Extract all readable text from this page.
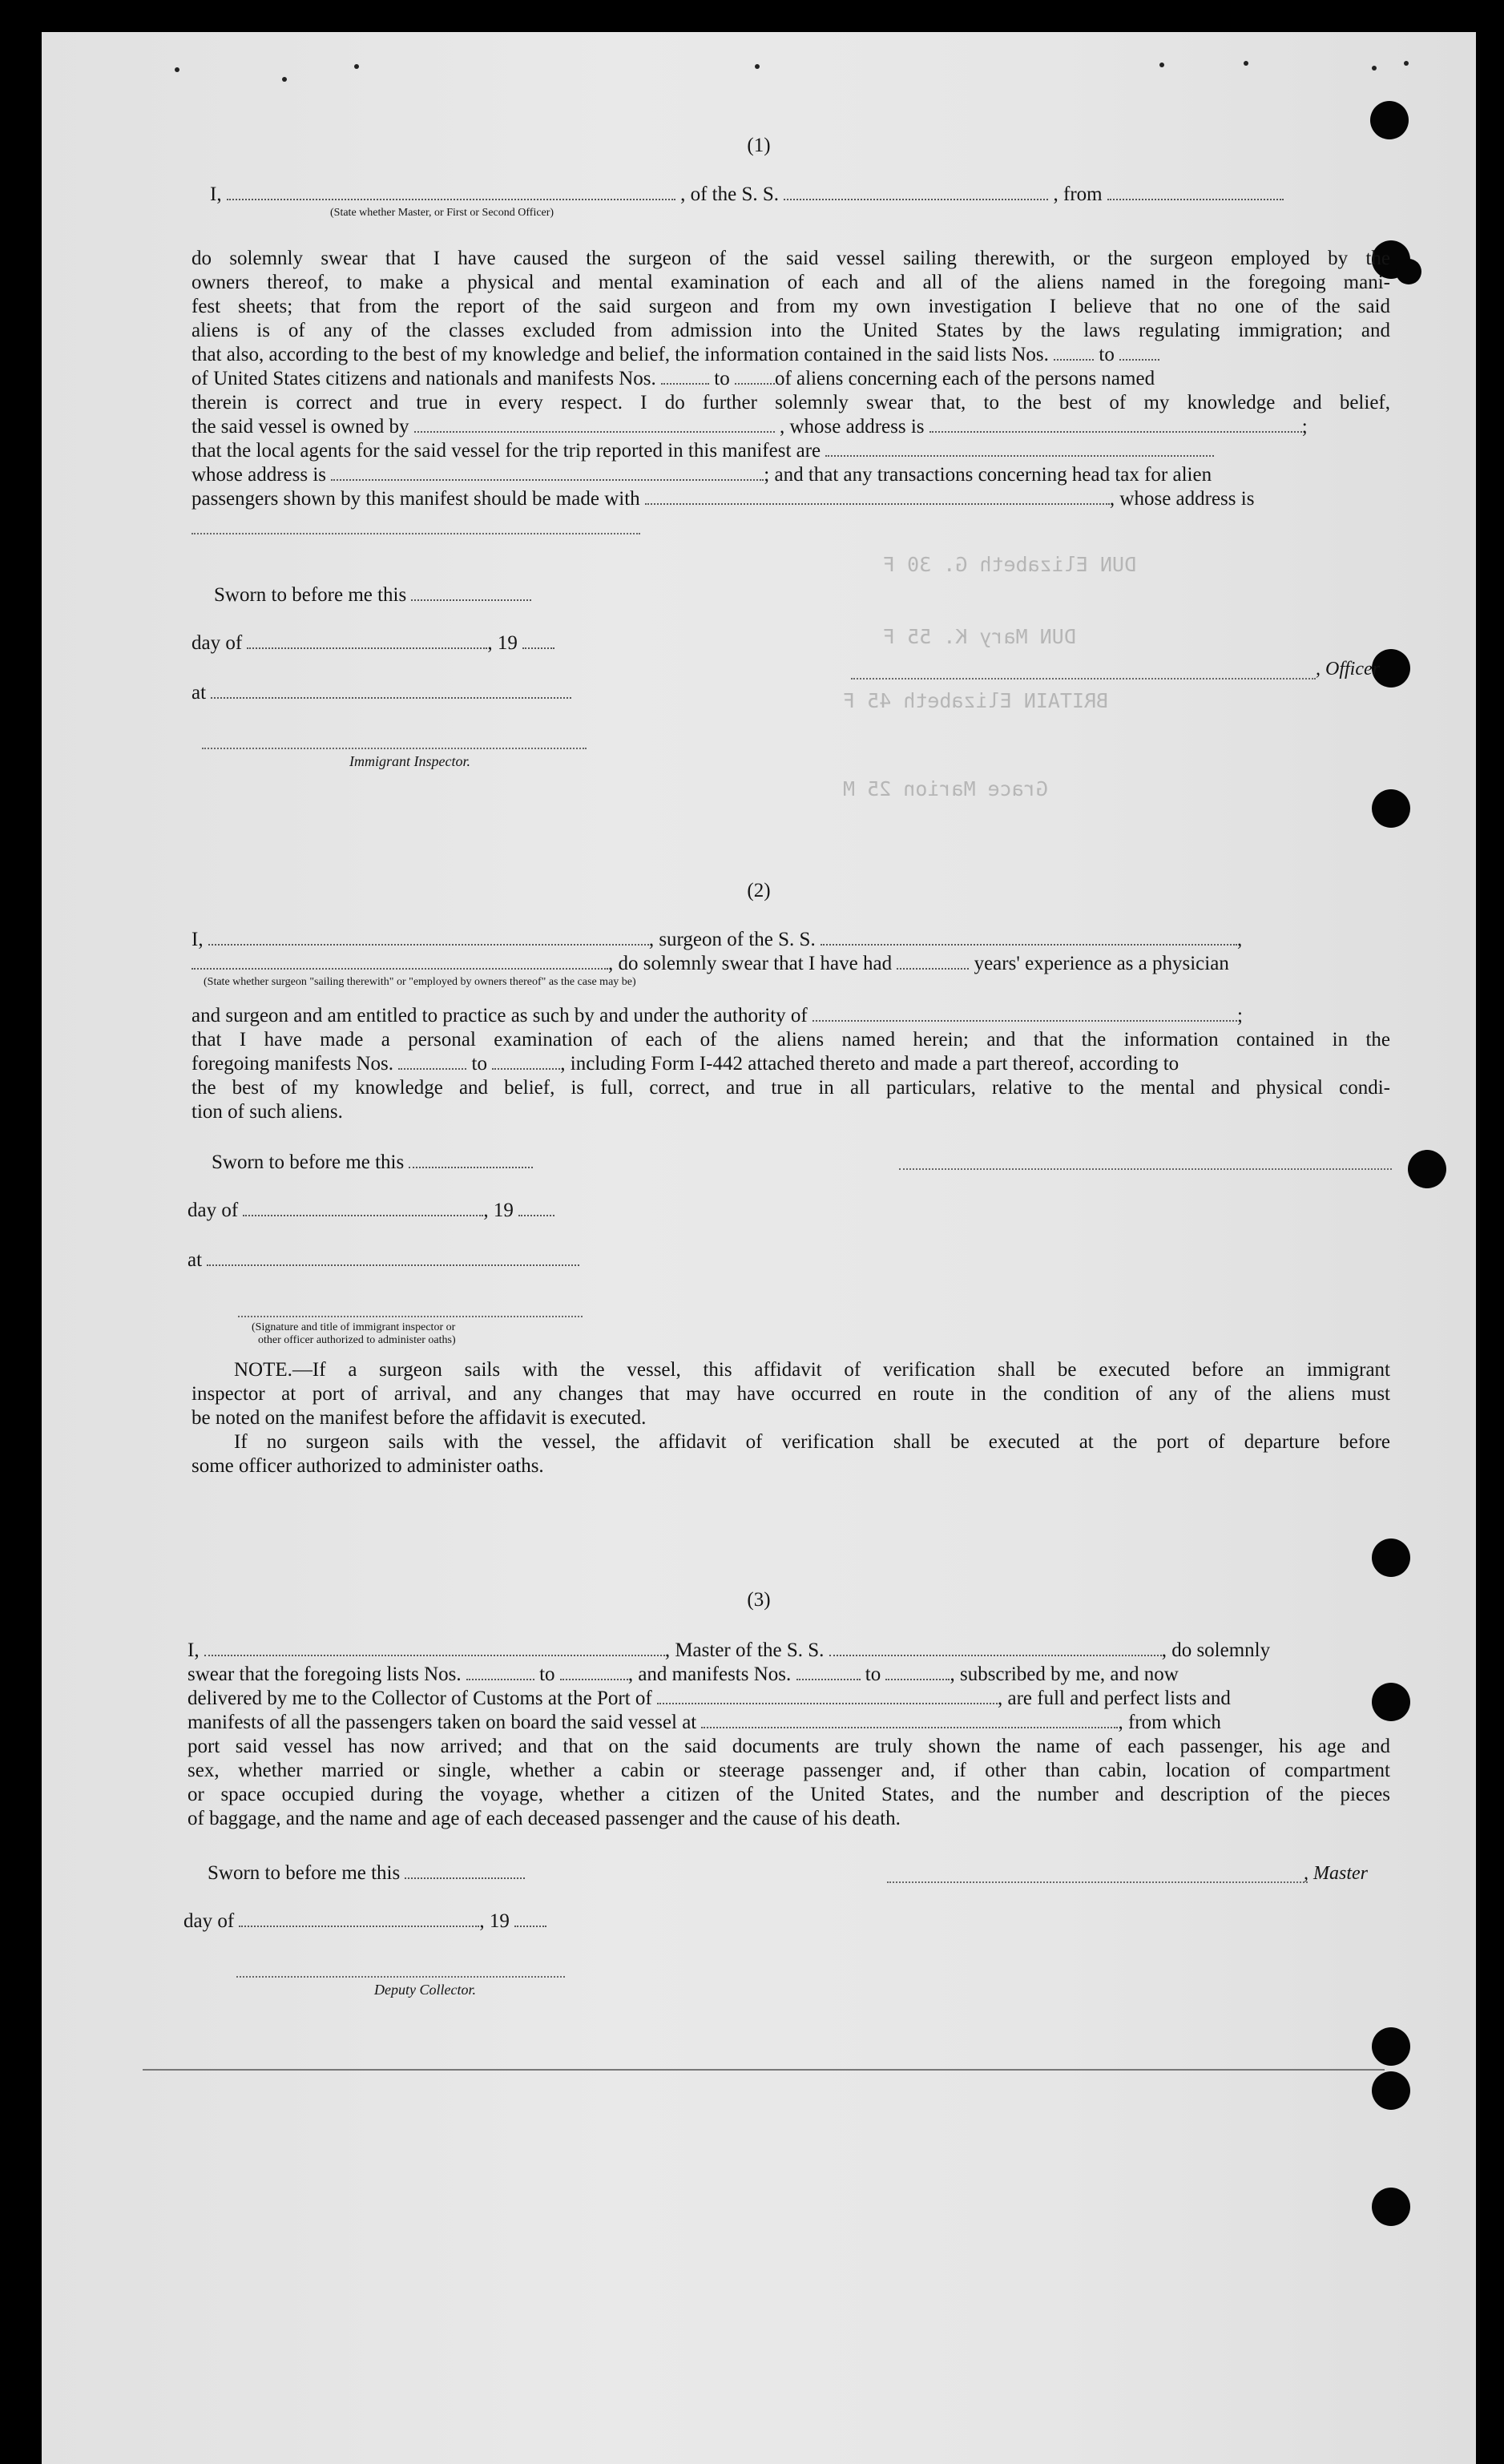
DUN Elizabeth G. 30 F
DUN Mary K. 55 F
BRITAIN Elizabeth 45 F
Grace Marion 25 M
(1)
I,	, of the S. S.	, from
(State whether Master, or First or Second Officer)
do solemnly swear that I have caused the surgeon of the said vessel sailing therewith, or the surgeon employed by the
owners thereof, to make a physical and mental examination of each and all of the aliens named in the foregoing mani-
fest sheets; that from the report of the said surgeon and from my own investigation I believe that no one of the said
aliens is of any of the classes excluded from admission into the United States by the laws regulating immigration; and
that also, according to the best of my knowledge and belief, the information contained in the said lists Nos.	to
of United States citizens and nationals and manifests Nos.	to of aliens concerning each of the persons named
therein is correct and true in every respect. I do further solemnly swear that, to the best of my knowledge and belief,
the said vessel is owned by	, whose address is	;
that the local agents for the said vessel for the trip reported in this manifest are
whose address is	; and that any transactions concerning head tax for alien
passengers shown by this manifest should be made with	, whose address is
Sworn to before me this
day of	, 19
at
, Officer
Immigrant Inspector.
(2)
I,	, surgeon of the S. S.	,
, do solemnly swear that I have had	years' experience as a physician
(State whether surgeon "sailing therewith" or "employed by owners thereof" as the case may be)
and surgeon and am entitled to practice as such by and under the authority of	;
that I have made a personal examination of each of the aliens named herein; and that the information contained in the
foregoing manifests Nos.	to	, including Form I-442 attached thereto and made a part thereof, according to
the best of my knowledge and belief, is full, correct, and true in all particulars, relative to the mental and physical condi-
tion of such aliens.
Sworn to before me this
day of	, 19
at
(Signature and title of immigrant inspector or
other officer authorized to administer oaths)
NOTE.—If a surgeon sails with the vessel, this affidavit of verification shall be executed before an immigrant
inspector at port of arrival, and any changes that may have occurred en route in the condition of any of the aliens must
be noted on the manifest before the affidavit is executed.
If no surgeon sails with the vessel, the affidavit of verification shall be executed at the port of departure before
some officer authorized to administer oaths.
(3)
I,	, Master of the S. S.	, do solemnly
swear that the foregoing lists Nos.	to	, and manifests Nos.	to	, subscribed by me, and now
delivered by me to the Collector of Customs at the Port of	, are full and perfect lists and
manifests of all the passengers taken on board the said vessel at	, from which
port said vessel has now arrived; and that on the said documents are truly shown the name of each passenger, his age and
sex, whether married or single, whether a cabin or steerage passenger and, if other than cabin, location of compartment
or space occupied during the voyage, whether a citizen of the United States, and the number and description of the pieces
of baggage, and the name and age of each deceased passenger and the cause of his death.
Sworn to before me this	, Master
day of	, 19
Deputy Collector.
